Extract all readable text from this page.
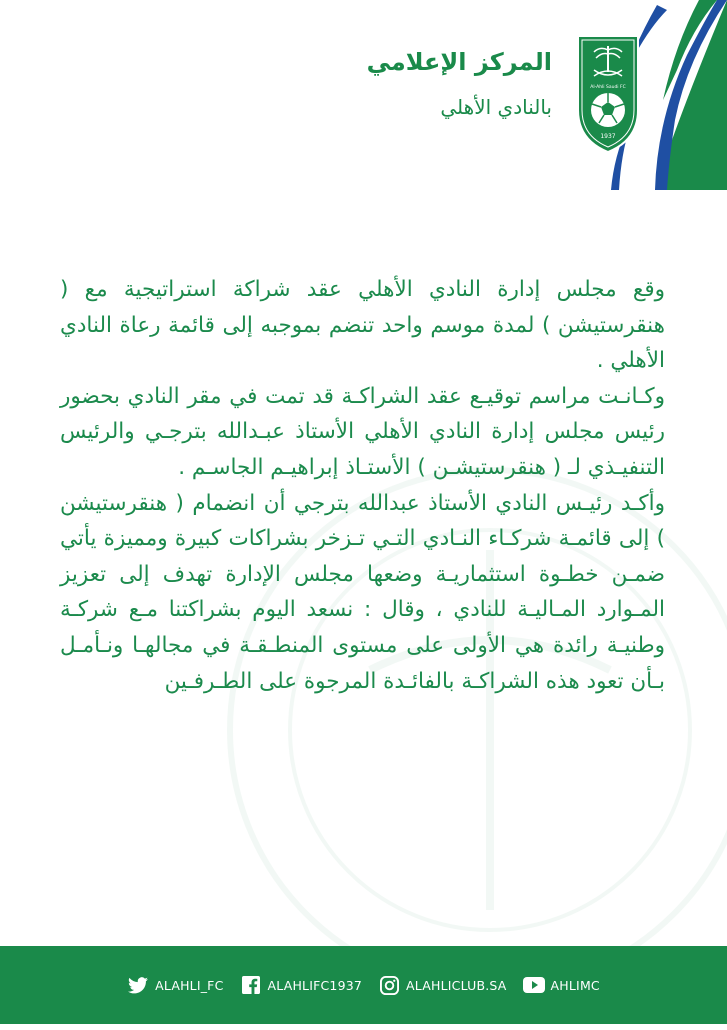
1937
Al-Ahli Saudi FC
المركز الإعلامي
بالنادي الأهلي

وقع مجلس إدارة النادي الأهلي عقد شراكة استراتيجية مع ( هنقرستيشن ) لمدة موسم واحد تنضم بموجبه إلى قائمة رعاة النادي الأهلي .

وكـانـت مراسم توقيـع عقد الشراكـة قد تمت في مقر النادي بحضور رئيس مجلس إدارة النادي الأهلي الأستاذ عبـدالله بترجـي والرئيس التنفيـذي لـ ( هنقرستيشـن ) الأستـاذ إبراهيـم الجاسـم .

وأكـد رئيـس النادي الأستاذ عبدالله بترجي أن انضمام ( هنقرستيشن ) إلى قائمـة شركـاء النـادي التـي تـزخر بشراكات كبيرة ومميزة يأتي ضمـن خطـوة استثماريـة وضعها مجلس الإدارة تهدف إلى تعزيز المـوارد المـاليـة للنادي ، وقال : نسعد اليوم بشراكتنا مـع شركـة وطنيـة رائدة هي الأولى على مستوى المنطـقـة في مجالهـا ونـأمـل بـأن تعود هذه الشراكـة بالفائـدة المرجوة على الطـرفـين

ALAHLI_FC	ALAHLIFC1937	ALAHLICLUB.SA	AHLIMC
